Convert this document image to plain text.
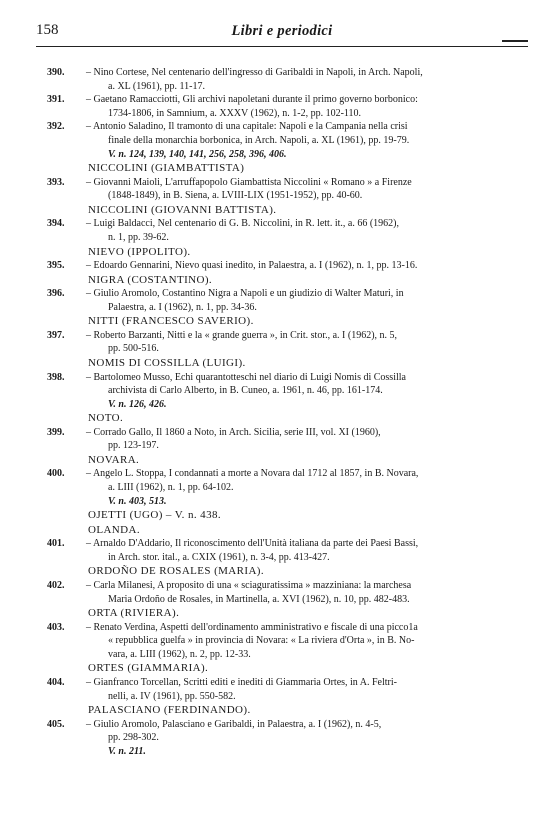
158	Libri e periodici
390.	– Nino Cortese, Nel centenario dell'ingresso di Garibaldi in Napoli, in Arch. Napoli,
a. XL (1961), pp. 11-17.
391.	– Gaetano Ramacciotti, Gli archivi napoletani durante il primo governo borbonico:
1734-1806, in Samnium, a. XXXV (1962), n. 1-2, pp. 102-110.
392.	– Antonio Saladino, Il tramonto di una capitale: Napoli e la Campania nella crisi
finale della monarchia borbonica, in Arch. Napoli, a. XL (1961), pp. 19-79.
V. n. 124, 139, 140, 141, 256, 258, 396, 406.
NICCOLINI (GIAMBATTISTA)
393.	– Giovanni Maioli, L'arruffapopolo Giambattista Niccolini « Romano » a Firenze
(1848-1849), in B. Siena, a. LVIII-LIX (1951-1952), pp. 40-60.
NICCOLINI (GIOVANNI BATTISTA).
394.	– Luigi Baldacci, Nel centenario di G. B. Niccolini, in R. lett. it., a. 66 (1962),
n. 1, pp. 39-62.
NIEVO (IPPOLITO).
395.	– Edoardo Gennarini, Nievo quasi inedito, in Palaestra, a. I (1962), n. 1, pp. 13-16.
NIGRA (COSTANTINO).
396.	– Giulio Aromolo, Costantino Nigra a Napoli e un giudizio di Walter Maturi, in
Palaestra, a. I (1962), n. 1, pp. 34-36.
NITTI (FRANCESCO SAVERIO).
397.	– Roberto Barzanti, Nitti e la « grande guerra », in Crit. stor., a. I (1962), n. 5,
pp. 500-516.
NOMIS DI COSSILLA (LUIGI).
398.	– Bartolomeo Musso, Echi quarantotteschi nel diario di Luigi Nomis di Cossilla
archivista di Carlo Alberto, in B. Cuneo, a. 1961, n. 46, pp. 161-174.
V. n. 126, 426.
NOTO.
399.	– Corrado Gallo, Il 1860 a Noto, in Arch. Sicilia, serie III, vol. XI (1960),
pp. 123-197.
NOVARA.
400.	– Angelo L. Stoppa, I condannati a morte a Novara dal 1712 al 1857, in B. Novara,
a. LIII (1962), n. 1, pp. 64-102.
V. n. 403, 513.
OJETTI (UGO) – V. n. 438.
OLANDA.
401.	– Arnaldo D'Addario, Il riconoscimento dell'Unità italiana da parte dei Paesi Bassi,
in Arch. stor. ital., a. CXIX (1961), n. 3-4, pp. 413-427.
ORDOÑO DE ROSALES (MARIA).
402.	– Carla Milanesi, A proposito di una « sciaguratissima » mazziniana: la marchesa
Maria Ordoño de Rosales, in Martinella, a. XVI (1962), n. 10, pp. 482-483.
ORTA (RIVIERA).
403.	– Renato Verdina, Aspetti dell'ordinamento amministrativo e fiscale di una picco1a
« repubblica guelfa » in provincia di Novara: « La riviera d'Orta », in B. No-
vara, a. LIII (1962), n. 2, pp. 12-33.
ORTES (GIAMMARIA).
404.	– Gianfranco Torcellan, Scritti editi e inediti di Giammaria Ortes, in A. Feltri-
nelli, a. IV (1961), pp. 550-582.
PALASCIANO (FERDINANDO).
405.	– Giulio Aromolo, Palasciano e Garibaldi, in Palaestra, a. I (1962), n. 4-5,
pp. 298-302.
V. n. 211.
